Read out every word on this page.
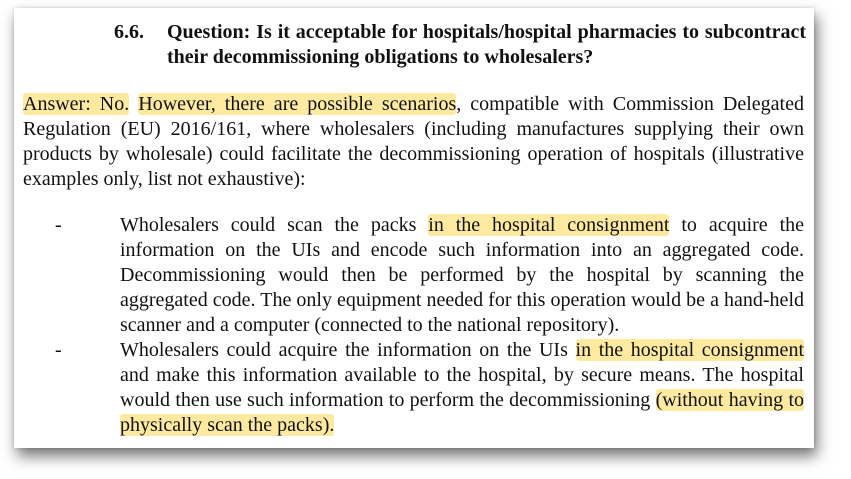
6.6.	Question: Is it acceptable for hospitals/hospital pharmacies to subcontract their decommissioning obligations to wholesalers?
Answer: No. However, there are possible scenarios, compatible with Commission Delegated Regulation (EU) 2016/161, where wholesalers (including manufactures supplying their own products by wholesale) could facilitate the decommissioning operation of hospitals (illustrative examples only, list not exhaustive):
-	Wholesalers could scan the packs in the hospital consignment to acquire the information on the UIs and encode such information into an aggregated code. Decommissioning would then be performed by the hospital by scanning the aggregated code. The only equipment needed for this operation would be a hand-held scanner and a computer (connected to the national repository).
-	Wholesalers could acquire the information on the UIs in the hospital consignment and make this information available to the hospital, by secure means. The hospital would then use such information to perform the decommissioning (without having to physically scan the packs).
